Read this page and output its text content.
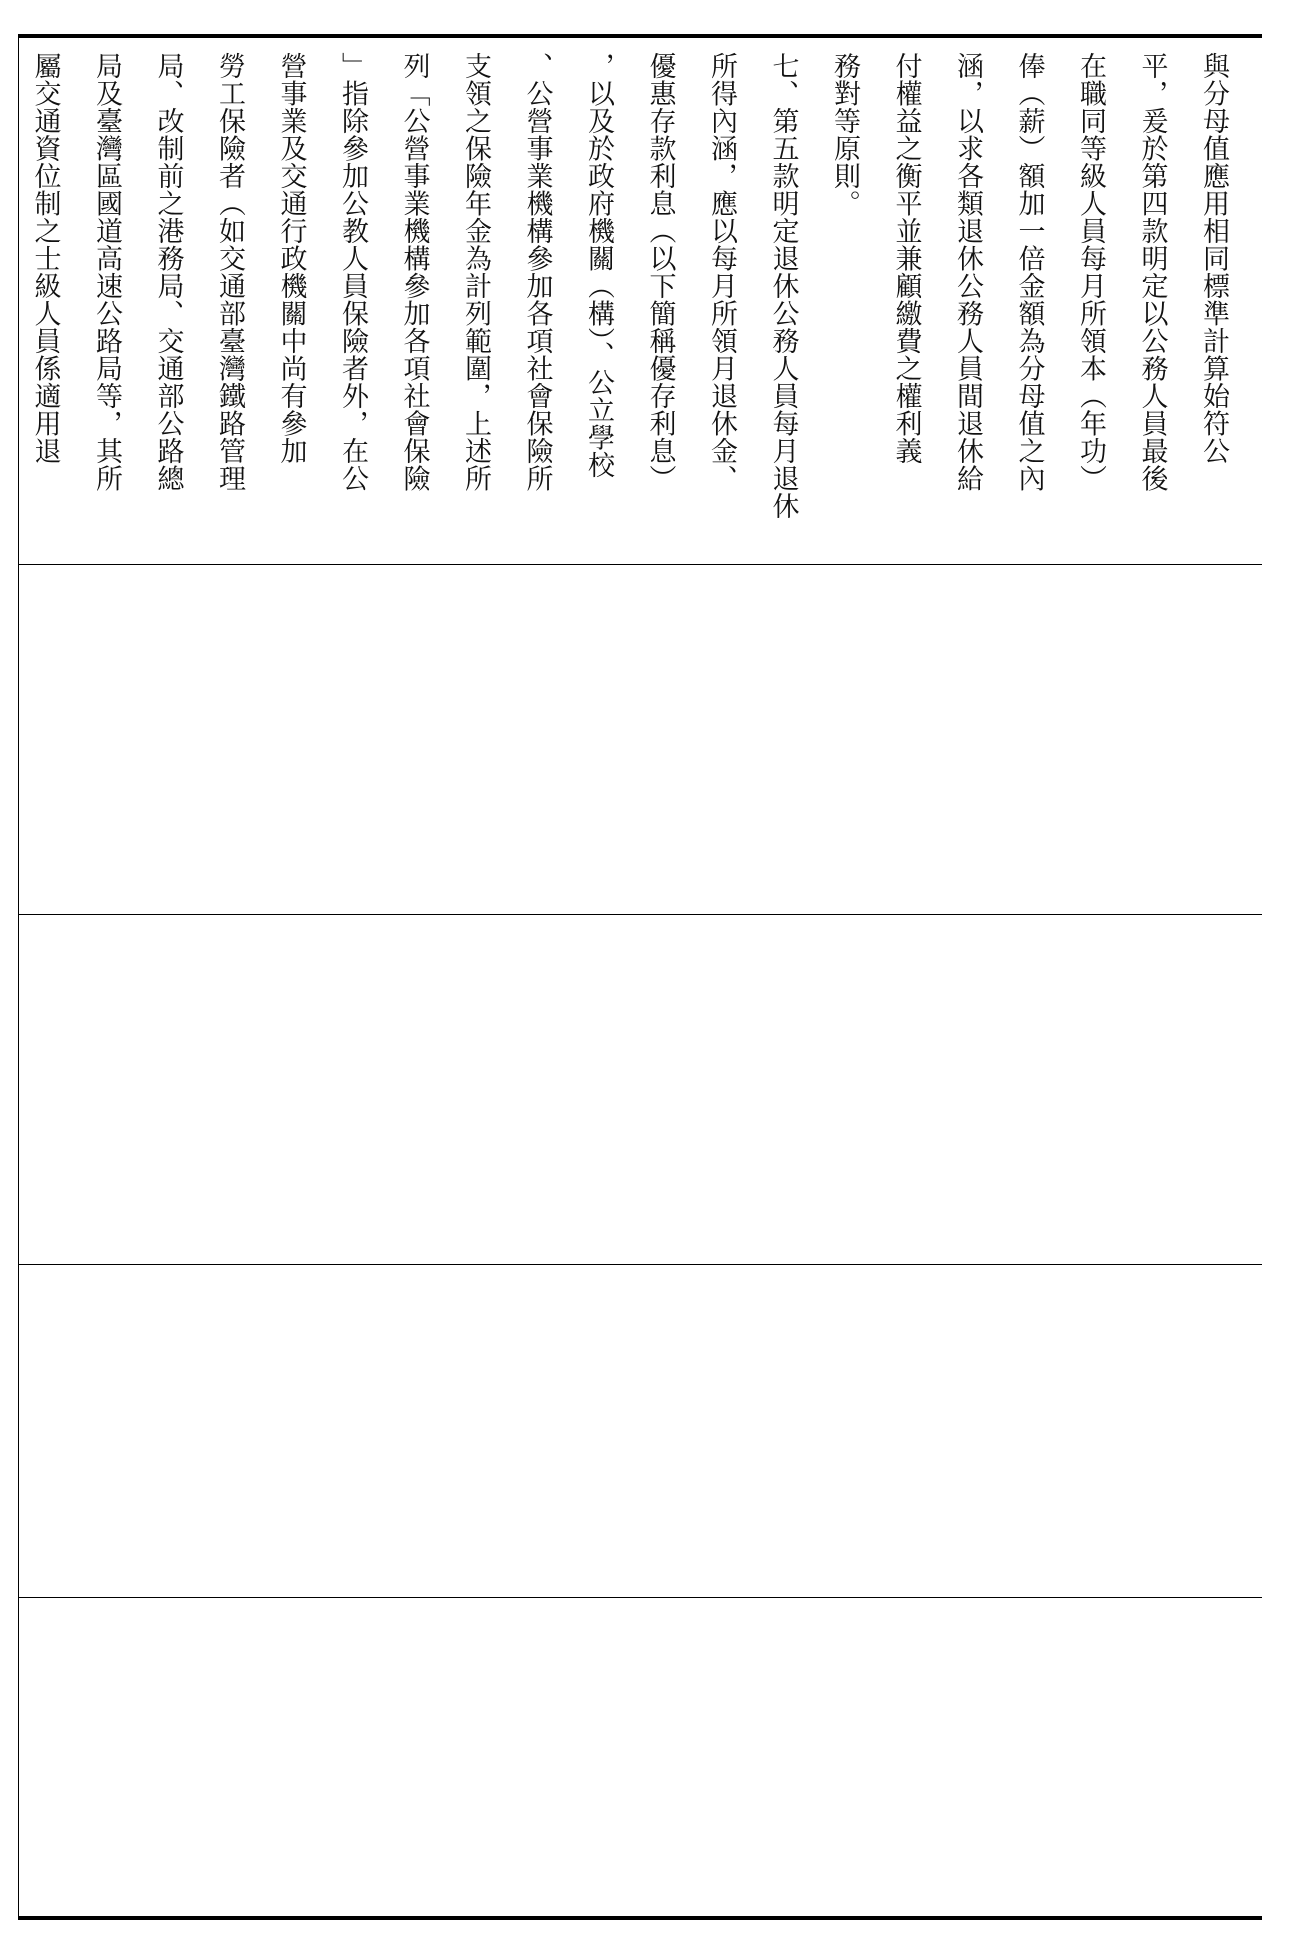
與分母值應用相同標準計算始符公
平，爰於第四款明定以公務人員最後
在職同等級人員每月所領本（年功）
俸（薪）額加一倍金額為分母值之內
涵，以求各類退休公務人員間退休給
付權益之衡平並兼顧繳費之權利義
務對等原則。
七、第五款明定退休公務人員每月退休
所得內涵，應以每月所領月退休金、
優惠存款利息（以下簡稱優存利息）
，以及於政府機關（構）、公立學校
、公營事業機構參加各項社會保險所
支領之保險年金為計列範圍，上述所
列「公營事業機構參加各項社會保險
」指除參加公教人員保險者外，在公
營事業及交通行政機關中尚有參加
勞工保險者（如交通部臺灣鐵路管理
局、改制前之港務局、交通部公路總
局及臺灣區國道高速公路局等，其所
屬交通資位制之士級人員係適用退
